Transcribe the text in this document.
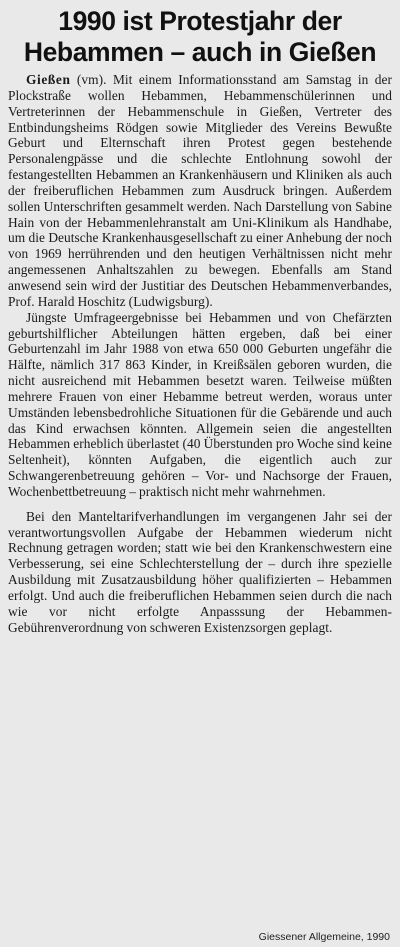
1990 ist Protestjahr der
Hebammen – auch in Gießen

Gießen (vm). Mit einem Informationsstand am Samstag in der Plockstraße wollen Hebammen, Hebammenschülerinnen und Vertreterinnen der Hebammenschule in Gießen, Vertreter des Entbindungsheims Rödgen sowie Mitglieder des Vereins Bewußte Geburt und Elternschaft ihren Protest gegen bestehende Personalengpässe und die schlechte Entlohnung sowohl der festangestellten Hebammen an Krankenhäusern und Kliniken als auch der freiberuflichen Hebammen zum Ausdruck bringen. Außerdem sollen Unterschriften gesammelt werden. Nach Darstellung von Sabine Hain von der Hebammenlehranstalt am Uni-Klinikum als Handhabe, um die Deutsche Krankenhausgesellschaft zu einer Anhebung der noch von 1969 herrührenden und den heutigen Verhältnissen nicht mehr angemessenen Anhaltszahlen zu bewegen. Ebenfalls am Stand anwesend sein wird der Justitiar des Deutschen Hebammenverbandes, Prof. Harald Hoschitz (Ludwigsburg).

Jüngste Umfrageergebnisse bei Hebammen und von Chefärzten geburtshilflicher Abteilungen hätten ergeben, daß bei einer Geburtenzahl im Jahr 1988 von etwa 650 000 Geburten ungefähr die Hälfte, nämlich 317 863 Kinder, in Kreißsälen geboren wurden, die nicht ausreichend mit Hebammen besetzt waren. Teilweise müßten mehrere Frauen von einer Hebamme betreut werden, woraus unter Umständen lebensbedrohliche Situationen für die Gebärende und auch das Kind erwachsen könnten. Allgemein seien die angestellten Hebammen erheblich überlastet (40 Überstunden pro Woche sind keine Seltenheit), könnten Aufgaben, die eigentlich auch zur Schwangerenbetreuung gehören – Vor- und Nachsorge der Frauen, Wochenbettbetreuung – praktisch nicht mehr wahrnehmen.

Bei den Manteltarifverhandlungen im vergangenen Jahr sei der verantwortungsvollen Aufgabe der Hebammen wiederum nicht Rechnung getragen worden; statt wie bei den Krankenschwestern eine Verbesserung, sei eine Schlechterstellung der – durch ihre spezielle Ausbildung mit Zusatzausbildung höher qualifizierten – Hebammen erfolgt. Und auch die freiberuflichen Hebammen seien durch die nach wie vor nicht erfolgte Anpasssung der Hebammen-Gebührenverordnung von schweren Existenzsorgen geplagt.

Giessener Allgemeine, 1990
